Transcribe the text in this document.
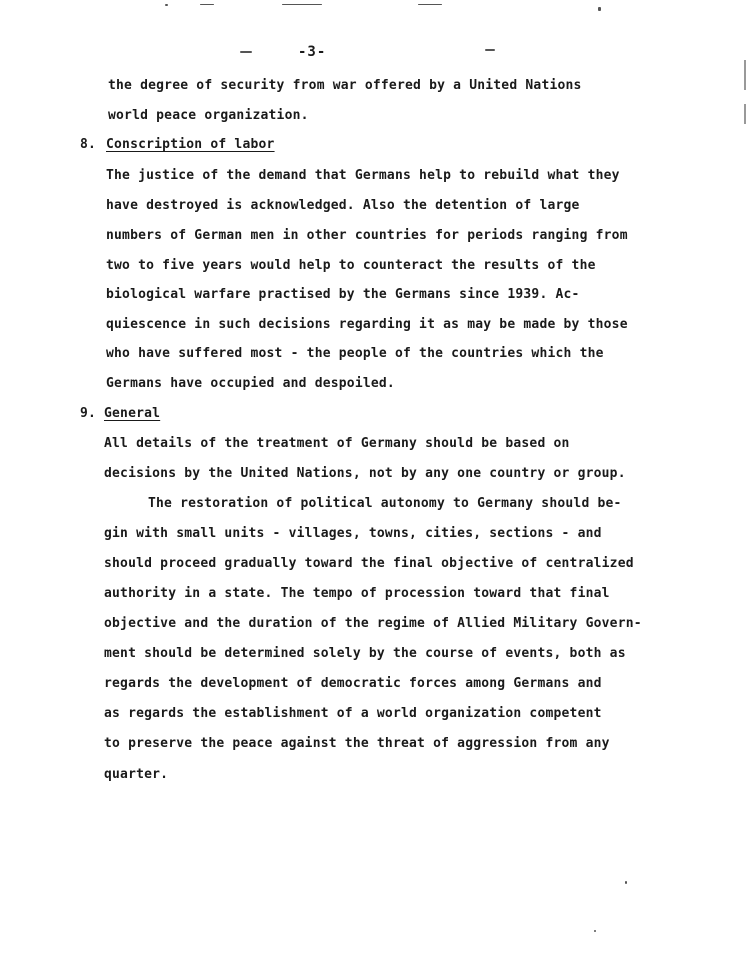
-3-
the degree of security from war offered by a United Nations
world peace organization.
8. Conscription of labor
The justice of the demand that Germans help to rebuild what they
have destroyed is acknowledged. Also the detention of large
numbers of German men in other countries for periods ranging from
two to five years would help to counteract the results of the
biological warfare practised by the Germans since 1939. Ac-
quiescence in such decisions regarding it as may be made by those
who have suffered most - the people of the countries which the
Germans have occupied and despoiled.
9. General
All details of the treatment of Germany should be based on
decisions by the United Nations, not by any one country or group.
The restoration of political autonomy to Germany should be-
gin with small units - villages, towns, cities, sections - and
should proceed gradually toward the final objective of centralized
authority in a state. The tempo of procession toward that final
objective and the duration of the regime of Allied Military Govern-
ment should be determined solely by the course of events, both as
regards the development of democratic forces among Germans and
as regards the establishment of a world organization competent
to preserve the peace against the threat of aggression from any
quarter.
